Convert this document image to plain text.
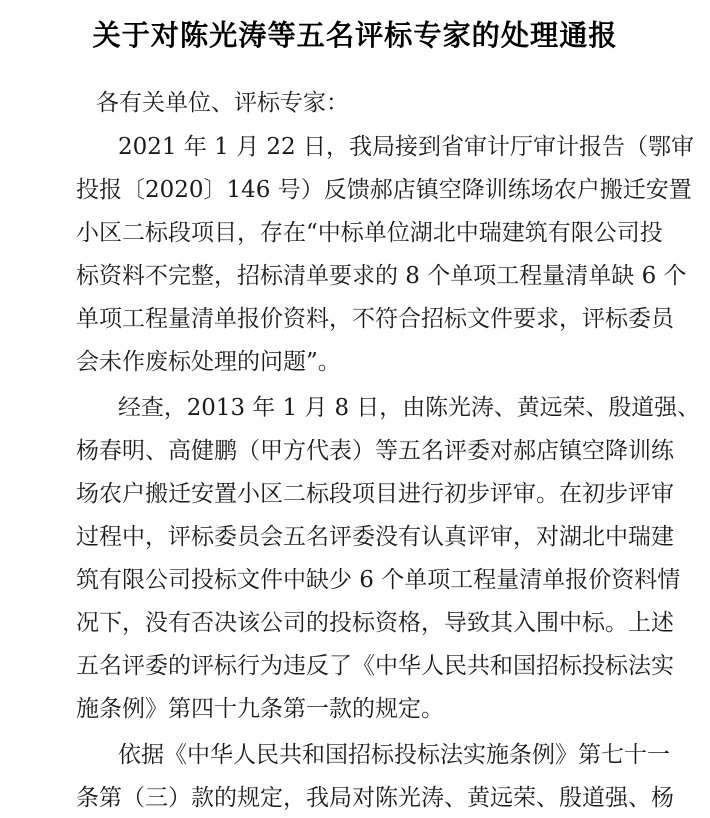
关于对陈光涛等五名评标专家的处理通报
各有关单位、评标专家：
2021 年 1 月 22 日，我局接到省审计厅审计报告（鄂审
投报〔2020〕146 号）反馈郝店镇空降训练场农户搬迁安置
小区二标段项目，存在“中标单位湖北中瑞建筑有限公司投
标资料不完整，招标清单要求的 8 个单项工程量清单缺 6 个
单项工程量清单报价资料，不符合招标文件要求，评标委员
会未作废标处理的问题”。
经查，2013 年 1 月 8 日，由陈光涛、黄远荣、殷道强、
杨春明、高健鹏（甲方代表）等五名评委对郝店镇空降训练
场农户搬迁安置小区二标段项目进行初步评审。在初步评审
过程中，评标委员会五名评委没有认真评审，对湖北中瑞建
筑有限公司投标文件中缺少 6 个单项工程量清单报价资料情
况下，没有否决该公司的投标资格，导致其入围中标。上述
五名评委的评标行为违反了《中华人民共和国招标投标法实
施条例》第四十九条第一款的规定。
依据《中华人民共和国招标投标法实施条例》第七十一
条第（三）款的规定，我局对陈光涛、黄远荣、殷道强、杨
